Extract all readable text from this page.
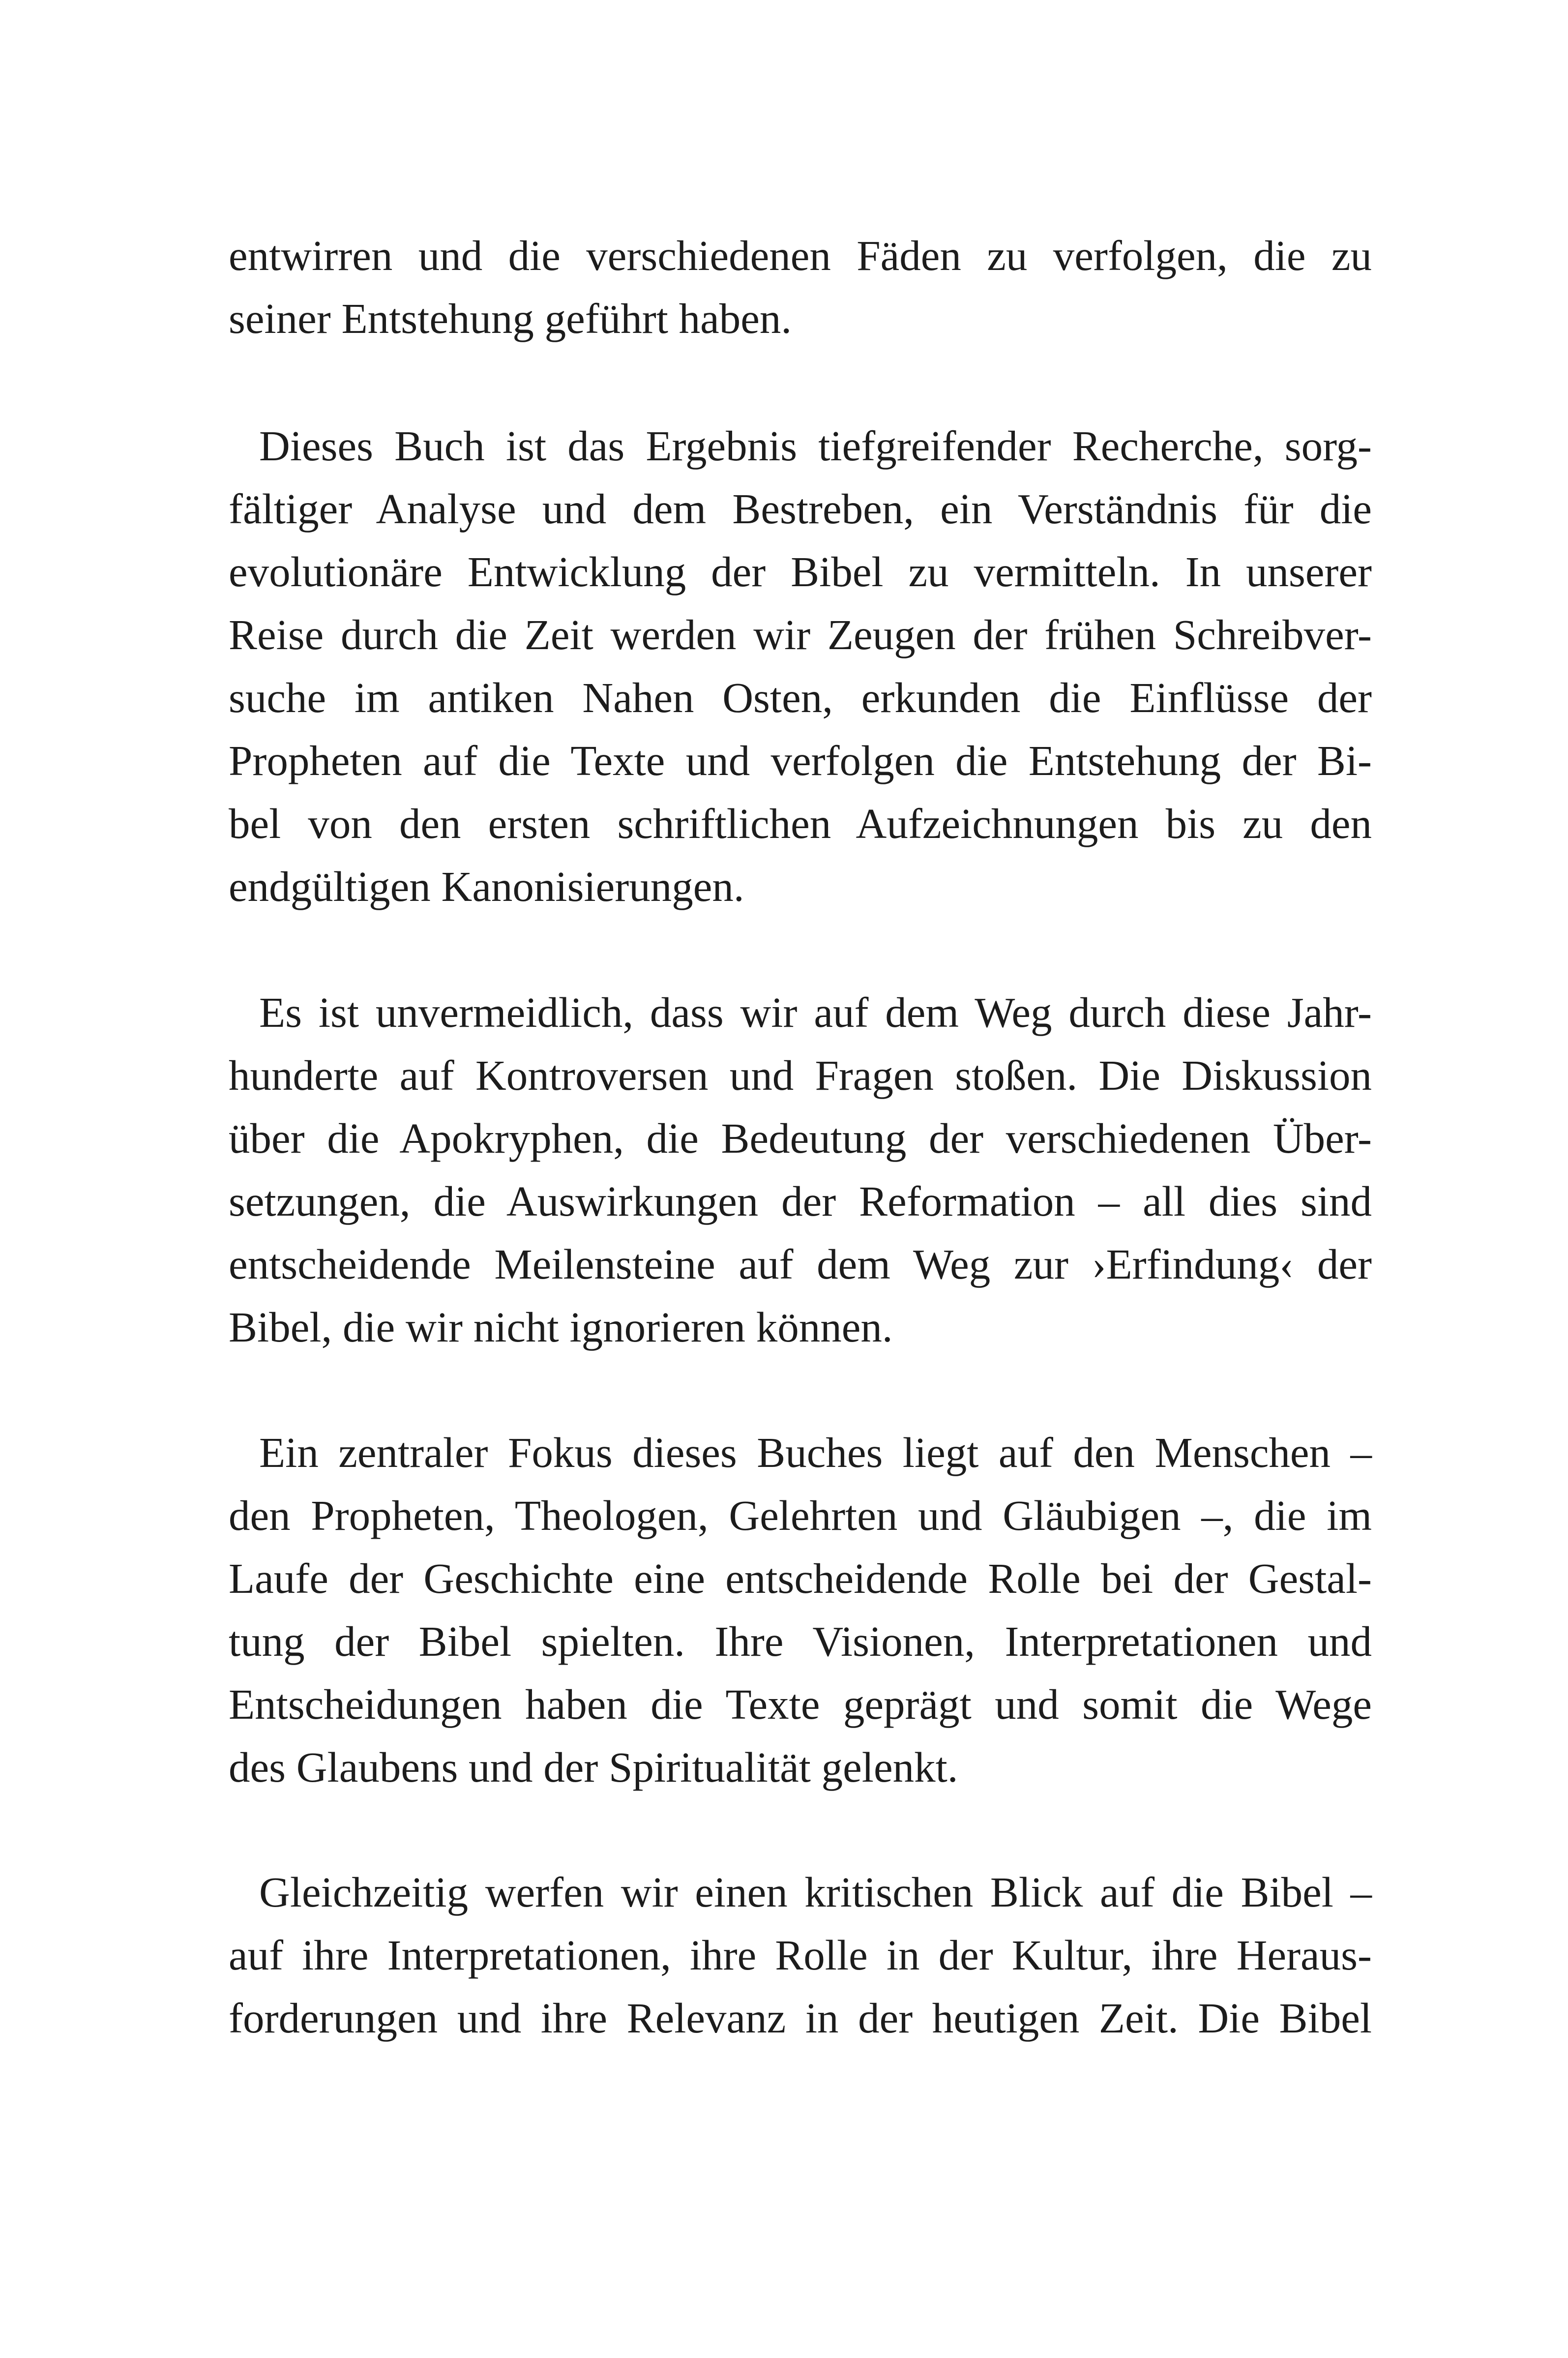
entwirren und die verschiedenen Fäden zu verfolgen, die zu
seiner Entstehung geführt haben.
Dieses Buch ist das Ergebnis tiefgreifender Recherche, sorg-
fältiger Analyse und dem Bestreben, ein Verständnis für die
evolutionäre Entwicklung der Bibel zu vermitteln. In unserer
Reise durch die Zeit werden wir Zeugen der frühen Schreibver-
suche im antiken Nahen Osten, erkunden die Einflüsse der
Propheten auf die Texte und verfolgen die Entstehung der Bi-
bel von den ersten schriftlichen Aufzeichnungen bis zu den
endgültigen Kanonisierungen.
Es ist unvermeidlich, dass wir auf dem Weg durch diese Jahr-
hunderte auf Kontroversen und Fragen stoßen. Die Diskussion
über die Apokryphen, die Bedeutung der verschiedenen Über-
setzungen, die Auswirkungen der Reformation – all dies sind
entscheidende Meilensteine auf dem Weg zur ›Erfindung‹ der
Bibel, die wir nicht ignorieren können.
Ein zentraler Fokus dieses Buches liegt auf den Menschen –
den Propheten, Theologen, Gelehrten und Gläubigen –, die im
Laufe der Geschichte eine entscheidende Rolle bei der Gestal-
tung der Bibel spielten. Ihre Visionen, Interpretationen und
Entscheidungen haben die Texte geprägt und somit die Wege
des Glaubens und der Spiritualität gelenkt.
Gleichzeitig werfen wir einen kritischen Blick auf die Bibel –
auf ihre Interpretationen, ihre Rolle in der Kultur, ihre Heraus-
forderungen und ihre Relevanz in der heutigen Zeit. Die Bibel
